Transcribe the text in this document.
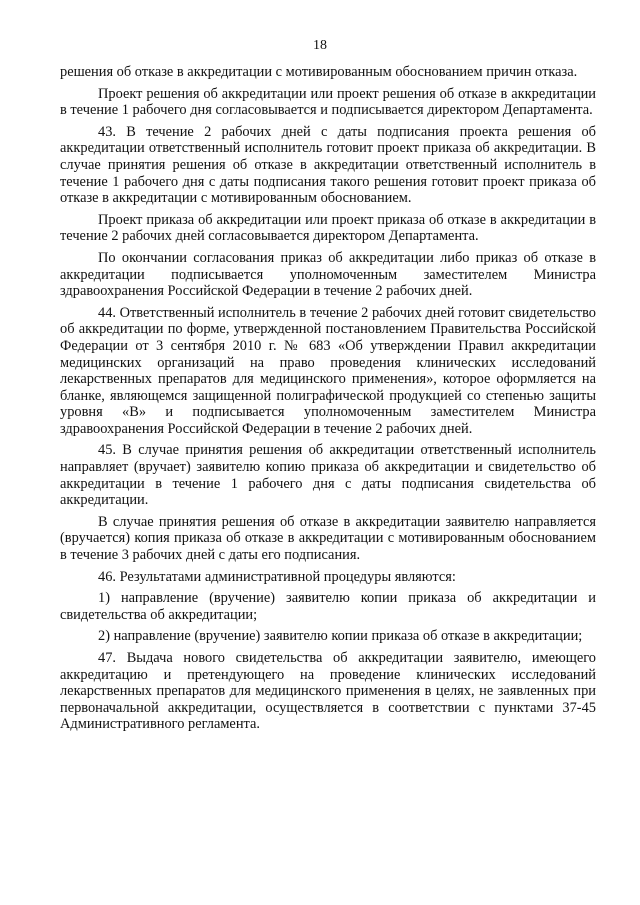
18

решения об отказе в аккредитации с мотивированным обоснованием причин отказа.

Проект решения об аккредитации или проект решения об отказе в аккредитации в течение 1 рабочего дня согласовывается и подписывается директором Департамента.

43. В течение 2 рабочих дней с даты подписания проекта решения об аккредитации ответственный исполнитель готовит проект приказа об аккредитации. В случае принятия решения об отказе в аккредитации ответственный исполнитель в течение 1 рабочего дня с даты подписания такого решения готовит проект приказа об отказе в аккредитации с мотивированным обоснованием.

Проект приказа об аккредитации или проект приказа об отказе в аккредитации в течение 2 рабочих дней согласовывается директором Департамента.

По окончании согласования приказ об аккредитации либо приказ об отказе в аккредитации подписывается уполномоченным заместителем Министра здравоохранения Российской Федерации в течение 2 рабочих дней.

44. Ответственный исполнитель в течение 2 рабочих дней готовит свидетельство об аккредитации по форме, утвержденной постановлением Правительства Российской Федерации от 3 сентября 2010 г. № 683 «Об утверждении Правил аккредитации медицинских организаций на право проведения клинических исследований лекарственных препаратов для медицинского применения», которое оформляется на бланке, являющемся защищенной полиграфической продукцией со степенью защиты уровня «В» и подписывается уполномоченным заместителем Министра здравоохранения Российской Федерации в течение 2 рабочих дней.

45. В случае принятия решения об аккредитации ответственный исполнитель направляет (вручает) заявителю копию приказа об аккредитации и свидетельство об аккредитации в течение 1 рабочего дня с даты подписания свидетельства об аккредитации.

В случае принятия решения об отказе в аккредитации заявителю направляется (вручается) копия приказа об отказе в аккредитации с мотивированным обоснованием в течение 3 рабочих дней с даты его подписания.

46. Результатами административной процедуры являются:

1) направление (вручение) заявителю копии приказа об аккредитации и свидетельства об аккредитации;

2) направление (вручение) заявителю копии приказа об отказе в аккредитации;

47. Выдача нового свидетельства об аккредитации заявителю, имеющего аккредитацию и претендующего на проведение клинических исследований лекарственных препаратов для медицинского применения в целях, не заявленных при первоначальной аккредитации, осуществляется в соответствии с пунктами 37-45 Административного регламента.
